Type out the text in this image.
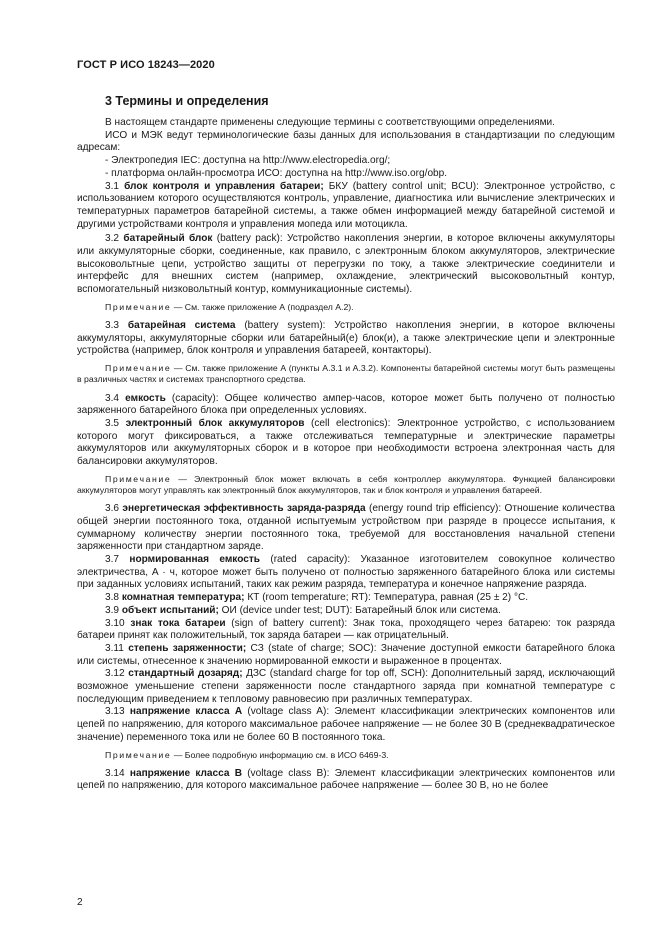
ГОСТ Р ИСО 18243—2020
3 Термины и определения

В настоящем стандарте применены следующие термины с соответствующими определениями.

ИСО и МЭК ведут терминологические базы данных для использования в стандартизации по следующим адресам:

- Электропедия IEC: доступна на http://www.electropedia.org/;

- платформа онлайн-просмотра ИСО: доступна на http://www.iso.org/obp.

3.1 блок контроля и управления батареи; БКУ (battery control unit; BCU): Электронное устройство, с использованием которого осуществляются контроль, управление, диагностика или вычисление электрических и температурных параметров батарейной системы, а также обмен информацией между батарейной системой и другими устройствами контроля и управления мопеда или мотоцикла.

3.2 батарейный блок (battery pack): Устройство накопления энергии, в которое включены аккумуляторы или аккумуляторные сборки, соединенные, как правило, с электронным блоком аккумуляторов, электрические высоковольтные цепи, устройство защиты от перегрузки по току, а также электрические соединители и интерфейс для внешних систем (например, охлаждение, электрический высоковольтный контур, вспомогательный низковольтный контур, коммуникационные системы).

Примечание — См. также приложение А (подраздел А.2).

3.3 батарейная система (battery system): Устройство накопления энергии, в которое включены аккумуляторы, аккумуляторные сборки или батарейный(е) блок(и), а также электрические цепи и электронные устройства (например, блок контроля и управления батареей, контакторы).

Примечание — См. также приложение А (пункты А.3.1 и А.3.2). Компоненты батарейной системы могут быть размещены в различных частях и системах транспортного средства.

3.4 емкость (capacity): Общее количество ампер-часов, которое может быть получено от полностью заряженного батарейного блока при определенных условиях.

3.5 электронный блок аккумуляторов (cell electronics): Электронное устройство, с использованием которого могут фиксироваться, а также отслеживаться температурные и электрические параметры аккумуляторов или аккумуляторных сборок и в которое при необходимости встроена электронная часть для балансировки аккумуляторов.

Примечание — Электронный блок может включать в себя контроллер аккумулятора. Функцией балансировки аккумуляторов могут управлять как электронный блок аккумуляторов, так и блок контроля и управления батареей.

3.6 энергетическая эффективность заряда-разряда (energy round trip efficiency): Отношение количества общей энергии постоянного тока, отданной испытуемым устройством при разряде в процессе испытания, к суммарному количеству энергии постоянного тока, требуемой для восстановления начальной степени заряженности при стандартном заряде.

3.7 нормированная емкость (rated capacity): Указанное изготовителем совокупное количество электричества, А · ч, которое может быть получено от полностью заряженного батарейного блока или системы при заданных условиях испытаний, таких как режим разряда, температура и конечное напряжение разряда.

3.8 комнатная температура; КТ (room temperature; RT): Температура, равная (25 ± 2) °С.

3.9 объект испытаний; ОИ (device under test; DUT): Батарейный блок или система.

3.10 знак тока батареи (sign of battery current): Знак тока, проходящего через батарею: ток разряда батареи принят как положительный, ток заряда батареи — как отрицательный.

3.11 степень заряженности; СЗ (state of charge; SOC): Значение доступной емкости батарейного блока или системы, отнесенное к значению нормированной емкости и выраженное в процентах.

3.12 стандартный дозаряд; ДЗС (standard charge for top off, SCH): Дополнительный заряд, исключающий возможное уменьшение степени заряженности после стандартного заряда при комнатной температуре с последующим приведением к тепловому равновесию при различных температурах.

3.13 напряжение класса А (voltage class A): Элемент классификации электрических компонентов или цепей по напряжению, для которого максимальное рабочее напряжение — не более 30 В (среднеквадратическое значение) переменного тока или не более 60 В постоянного тока.

Примечание — Более подробную информацию см. в ИСО 6469-3.

3.14 напряжение класса В (voltage class B): Элемент классификации электрических компонентов или цепей по напряжению, для которого максимальное рабочее напряжение — более 30 В, но не более

2
